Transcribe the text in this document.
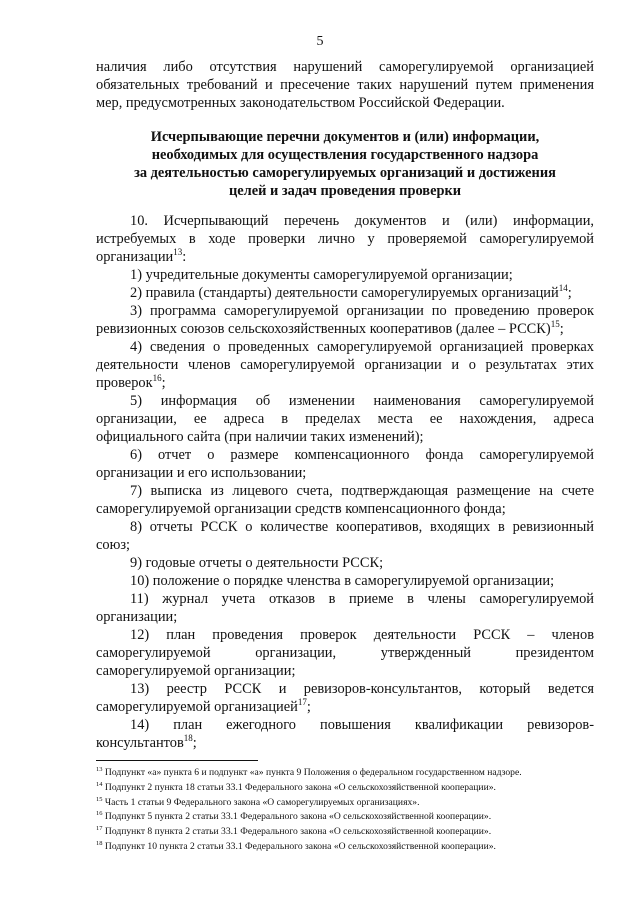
5
наличия либо отсутствия нарушений саморегулируемой организацией
обязательных требований и пресечение таких нарушений путем применения
мер, предусмотренных законодательством Российской Федерации.
Исчерпывающие перечни документов и (или) информации,
необходимых для осуществления государственного надзора
за деятельностью саморегулируемых организаций и достижения
целей и задач проведения проверки
10. Исчерпывающий перечень документов и (или) информации,
истребуемых в ходе проверки лично у проверяемой саморегулируемой
организации$^{13}$:
1) учредительные документы саморегулируемой организации;
2) правила (стандарты) деятельности саморегулируемых организаций$^{14}$;
3) программа саморегулируемой организации по проведению проверок
ревизионных союзов сельскохозяйственных кооперативов (далее – РССК)$^{15}$;
4) сведения о проведенных саморегулируемой организацией проверках
деятельности членов саморегулируемой организации и о результатах этих
проверок$^{16}$;
5) информация об изменении наименования саморегулируемой
организации, ее адреса в пределах места ее нахождения, адреса
официального сайта (при наличии таких изменений);
6) отчет о размере компенсационного фонда саморегулируемой
организации и его использовании;
7) выписка из лицевого счета, подтверждающая размещение на счете
саморегулируемой организации средств компенсационного фонда;
8) отчеты РССК о количестве кооперативов, входящих в ревизионный
союз;
9) годовые отчеты о деятельности РССК;
10) положение о порядке членства в саморегулируемой организации;
11) журнал учета отказов в приеме в члены саморегулируемой
организации;
12) план проведения проверок деятельности РССК – членов
саморегулируемой организации, утвержденный президентом
саморегулируемой организации;
13) реестр РССК и ревизоров-консультантов, который ведется
саморегулируемой организацией$^{17}$;
14) план ежегодного повышения квалификации ревизоров-
консультантов$^{18}$;
$^{13}$ Подпункт «а» пункта 6 и подпункт «а» пункта 9 Положения о федеральном государственном надзоре.
$^{14}$ Подпункт 2 пункта 18 статьи 33.1 Федерального закона «О сельскохозяйственной кооперации».
$^{15}$ Часть 1 статьи 9 Федерального закона «О саморегулируемых организациях».
$^{16}$ Подпункт 5 пункта 2 статьи 33.1 Федерального закона «О сельскохозяйственной кооперации».
$^{17}$ Подпункт 8 пункта 2 статьи 33.1 Федерального закона «О сельскохозяйственной кооперации».
$^{18}$ Подпункт 10 пункта 2 статьи 33.1 Федерального закона «О сельскохозяйственной кооперации».
